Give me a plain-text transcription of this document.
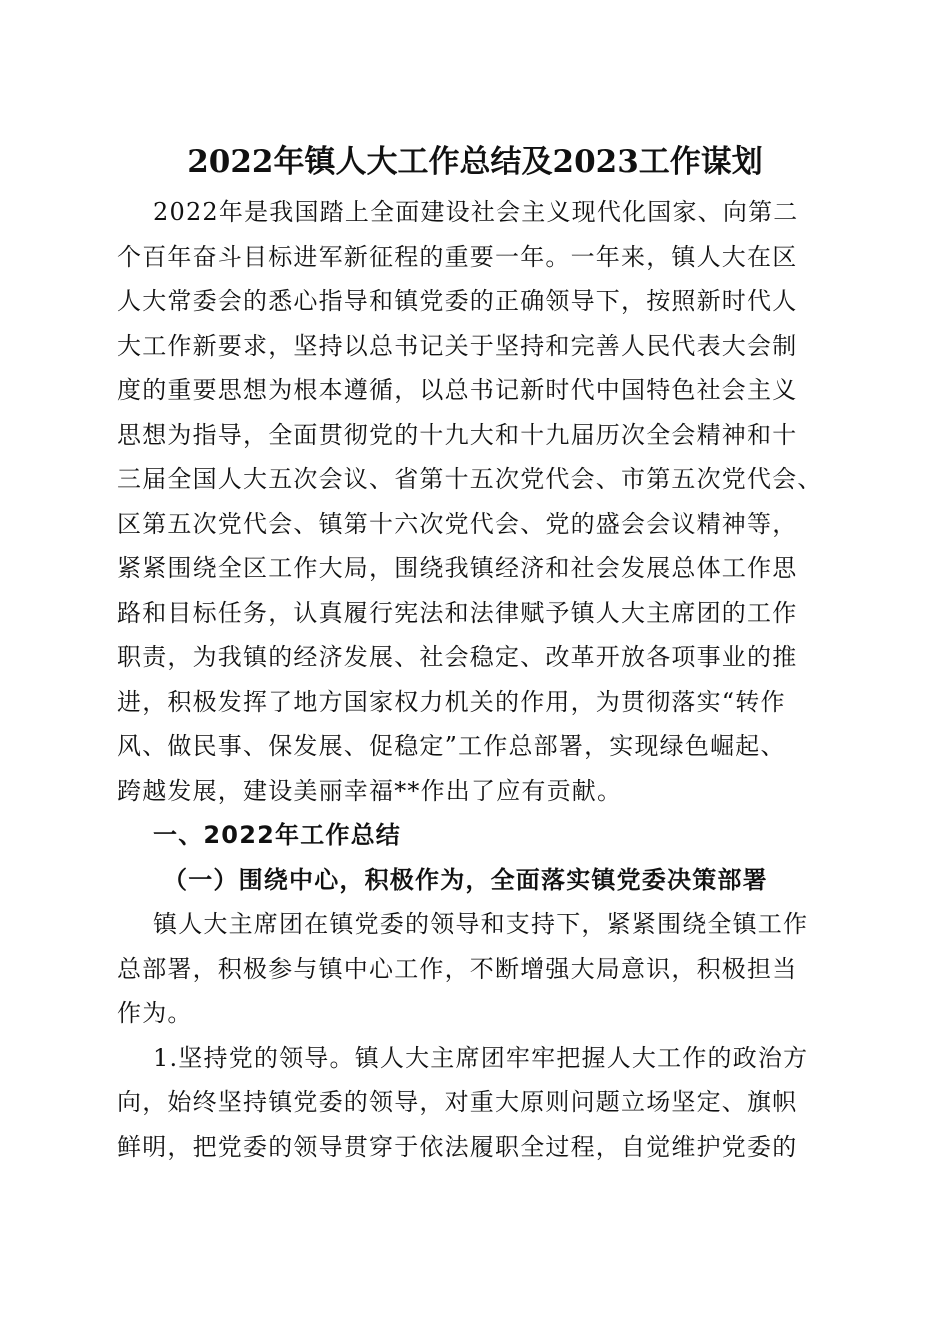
2022年镇人大工作总结及2023工作谋划
2022年是我国踏上全面建设社会主义现代化国家、向第二
个百年奋斗目标进军新征程的重要一年。一年来，镇人大在区
人大常委会的悉心指导和镇党委的正确领导下，按照新时代人
大工作新要求，坚持以总书记关于坚持和完善人民代表大会制
度的重要思想为根本遵循，以总书记新时代中国特色社会主义
思想为指导，全面贯彻党的十九大和十九届历次全会精神和十
三届全国人大五次会议、省第十五次党代会、市第五次党代会、
区第五次党代会、镇第十六次党代会、党的盛会会议精神等，
紧紧围绕全区工作大局，围绕我镇经济和社会发展总体工作思
路和目标任务，认真履行宪法和法律赋予镇人大主席团的工作
职责，为我镇的经济发展、社会稳定、改革开放各项事业的推
进，积极发挥了地方国家权力机关的作用，为贯彻落实“转作
风、做民事、保发展、促稳定”工作总部署，实现绿色崛起、
跨越发展，建设美丽幸福**作出了应有贡献。
一、2022年工作总结
（一）围绕中心，积极作为，全面落实镇党委决策部署
镇人大主席团在镇党委的领导和支持下，紧紧围绕全镇工作
总部署，积极参与镇中心工作，不断增强大局意识，积极担当
作为。
1.坚持党的领导。镇人大主席团牢牢把握人大工作的政治方
向，始终坚持镇党委的领导，对重大原则问题立场坚定、旗帜
鲜明，把党委的领导贯穿于依法履职全过程，自觉维护党委的
